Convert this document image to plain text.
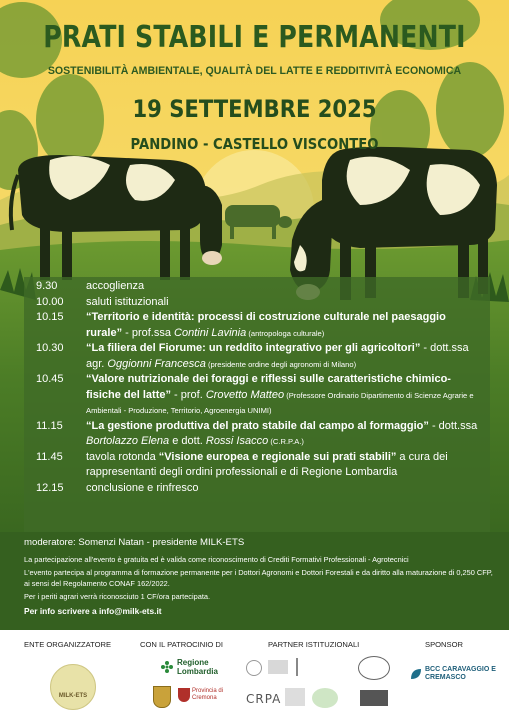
PRATI STABILI E PERMANENTI
SOSTENIBILITÀ AMBIENTALE, QUALITÀ DEL LATTE E REDDITIVITÀ ECONOMICA
19 SETTEMBRE 2025
PANDINO - CASTELLO VISCONTEO
9.30	accoglienza
10.00	saluti istituzionali
10.15	“Territorio e identità: processi di costruzione culturale nel paesaggio rurale” - prof.ssa Contini Lavinia (antropologa culturale)
10.30	“La filiera del Fiorume: un reddito integrativo per gli agricoltori” - dott.ssa agr. Oggionni Francesca (presidente ordine degli agronomi di Milano)
10.45	“Valore nutrizionale dei foraggi e riflessi sulle caratteristiche chimico-fisiche del latte” - prof. Crovetto Matteo (Professore Ordinario Dipartimento di Scienze Agrarie e Ambientali - Produzione, Territorio, Agroenergia UNIMI)
11.15	“La gestione produttiva del prato stabile dal campo al formaggio” - dott.ssa Bortolazzo Elena e dott. Rossi Isacco (C.R.P.A.)
11.45	tavola rotonda “Visione europea e regionale sui prati stabili” a cura dei rappresentanti degli ordini professionali e di Regione Lombardia
12.15	conclusione e rinfresco
moderatore: Somenzi Natan - presidente MILK-ETS

La partecipazione all'evento è gratuita ed è valida come riconoscimento di Crediti Formativi Professionali - Agrotecnici

L'evento partecipa al programma di formazione permanente per i Dottori Agronomi e Dottori Forestali e da diritto alla maturazione di 0,250 CFP, ai sensi del Regolamento CONAF 162/2022.

Per i periti agrari verrà riconosciuto 1 CF/ora partecipata.

Per info scrivere a info@milk-ets.it

ENTE ORGANIZZATORE	CON IL PATROCINIO DI	PARTNER ISTITUZIONALI	SPONSOR
MILK-ETS
Regione Lombardia
Provincia di Cremona	CRPA
BCC CARAVAGGIO E CREMASCO
